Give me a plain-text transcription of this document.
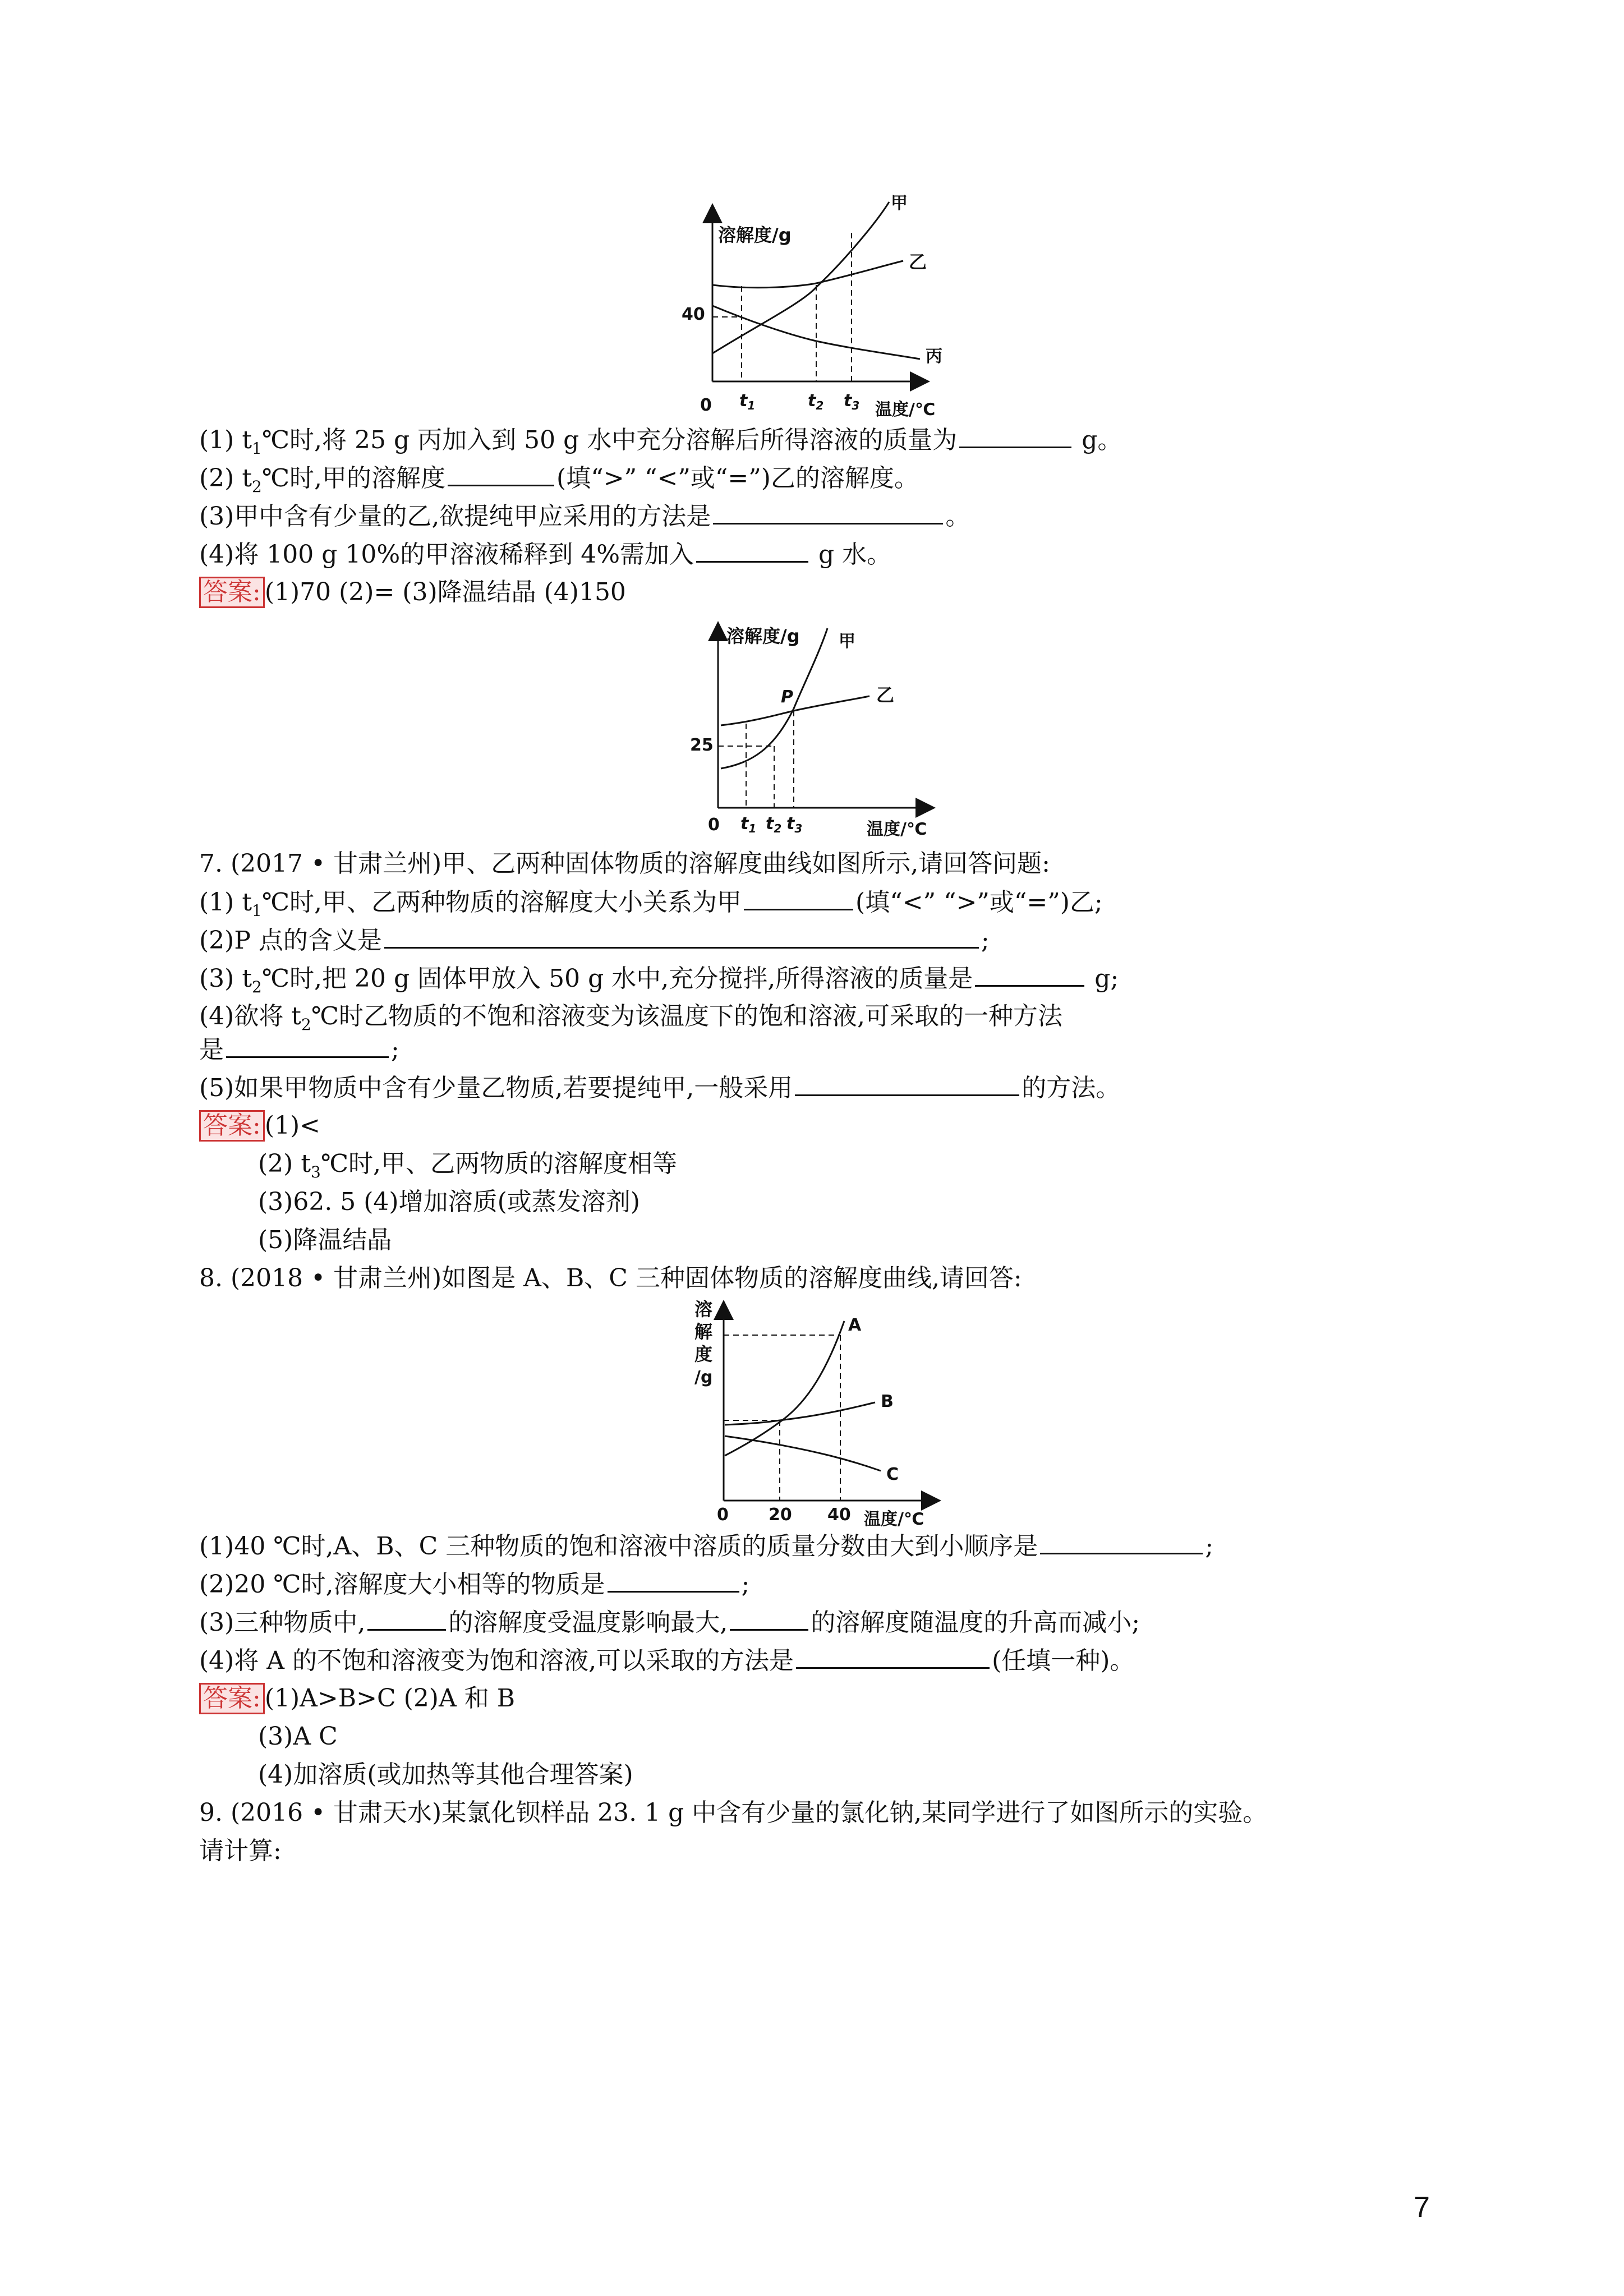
溶解度/g
40
0	温度/℃
$t_1$	$t_2$ $t_3$
甲
乙
丙
(1) $t_1℃$时,将 25 g 丙加入到 50 g 水中充分溶解后所得溶液的质量为	g。
(2) $t_2℃$时,甲的溶解度	(填“>” “<”或“=”)乙的溶解度。
(3)甲中含有少量的乙,欲提纯甲应采用的方法是	。
(4)将 100 g 10%的甲溶液稀释到 4%需加入	g 水。
答案: (1)70 (2)= (3)降温结晶 (4)150
溶解度/g
25
0	温度/℃
$t_1$ $t_2$ $t_3$
P
甲
乙
7. (2017 • 甘肃兰州)甲、乙两种固体物质的溶解度曲线如图所示,请回答问题:
(1) $t_1℃$时,甲、乙两种物质的溶解度大小关系为甲	(填“<” “>”或“=”)乙;
(2)P 点的含义是	;
(3) $t_2℃$时,把 20 g 固体甲放入 50 g 水中,充分搅拌,所得溶液的质量是	g;
(4)欲将 $t_2℃$时乙物质的不饱和溶液变为该温度下的饱和溶液,可采取的一种方法
是	;
(5)如果甲物质中含有少量乙物质,若要提纯甲,一般采用	的方法。
答案: (1)<
(2) $t_3℃$时,甲、乙两物质的溶解度相等
(3)62. 5 (4)增加溶质(或蒸发溶剂)
(5)降温结晶
8. (2018 • 甘肃兰州)如图是 A、B、C 三种固体物质的溶解度曲线,请回答:
溶
解
度
/g
0 20 40 温度/℃
A
B
C
(1)40 ℃时,A、B、C 三种物质的饱和溶液中溶质的质量分数由大到小顺序是	;
(2)20 ℃时,溶解度大小相等的物质是	;
(3)三种物质中,	的溶解度受温度影响最大,	的溶解度随温度的升高而减小;
(4)将 A 的不饱和溶液变为饱和溶液,可以采取的方法是	(任填一种)。
答案: (1)A>B>C (2)A 和 B
(3)A C
(4)加溶质(或加热等其他合理答案)
9. (2016 • 甘肃天水)某氯化钡样品 23. 1 g 中含有少量的氯化钠,某同学进行了如图所示的实验。
请计算:
7
